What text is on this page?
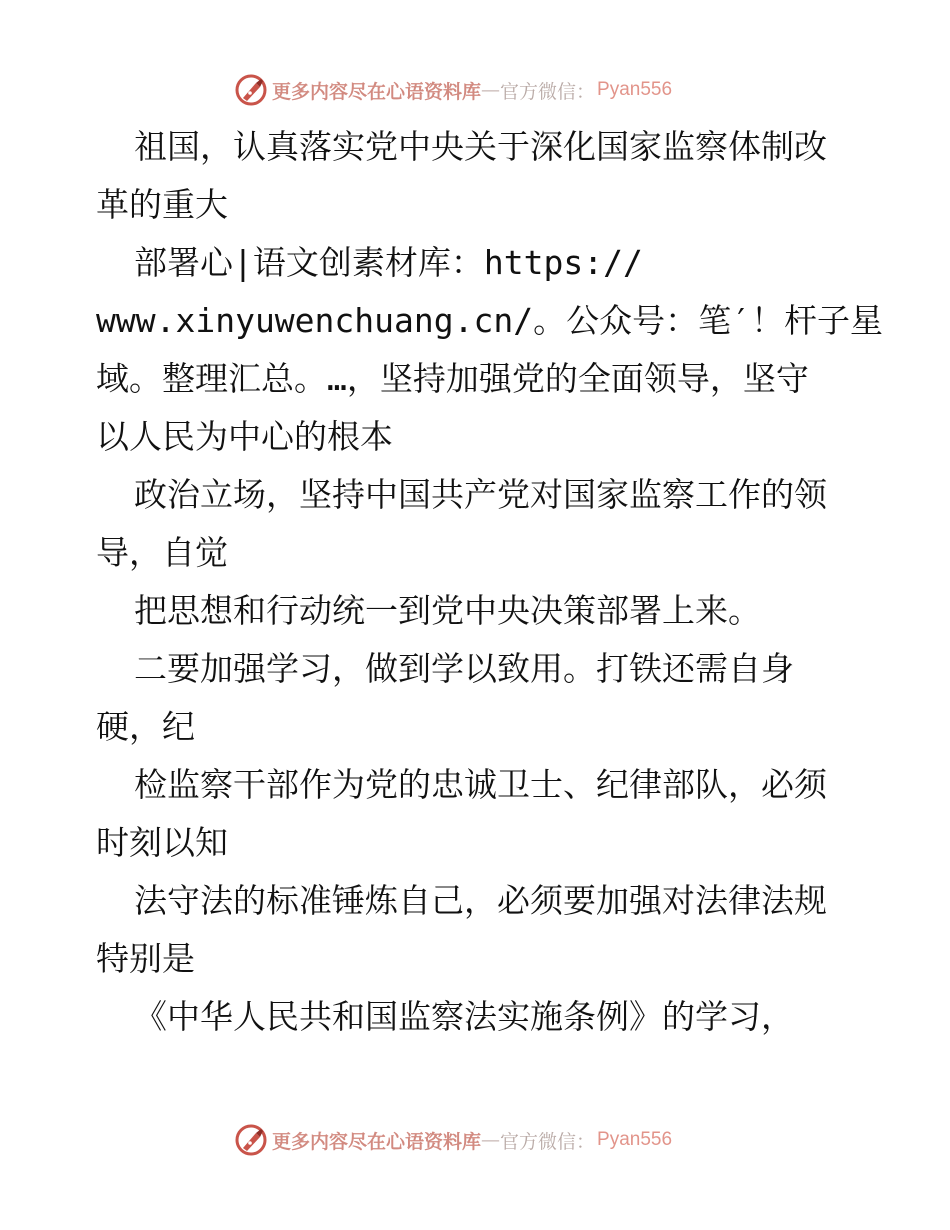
更多内容尽在心语资料库 — 官方微信： Pyan556
祖国，认真落实党中央关于深化国家监察体制改
革的重大
部署心|语文创素材库：https://
www.xinyuwenchuang.cn/。公众号：笔′！杆子星
域。整理汇总。…，坚持加强党的全面领导，坚守
以人民为中心的根本
政治立场，坚持中国共产党对国家监察工作的领
导，自觉
把思想和行动统一到党中央决策部署上来。
二要加强学习，做到学以致用。打铁还需自身
硬，纪
检监察干部作为党的忠诚卫士、纪律部队，必须
时刻以知
法守法的标准锤炼自己，必须要加强对法律法规
特别是
《中华人民共和国监察法实施条例》的学习，
更多内容尽在心语资料库 — 官方微信： Pyan556
